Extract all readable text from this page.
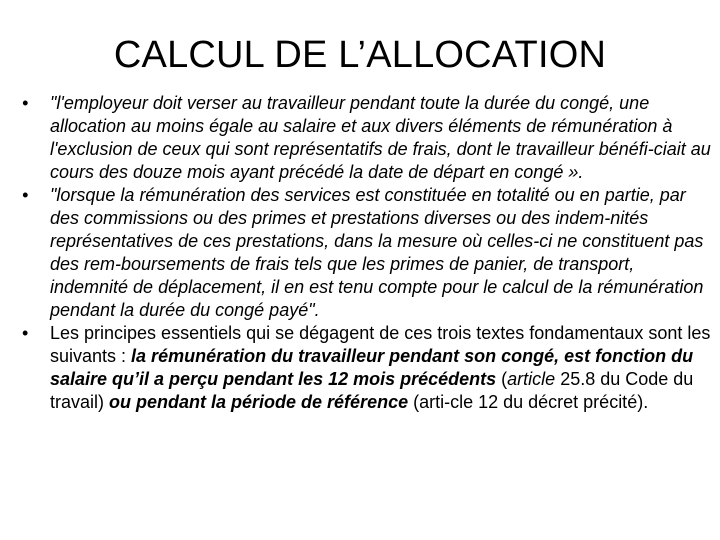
CALCUL DE L’ALLOCATION
• "l'employeur doit verser au travailleur pendant toute la durée du congé, une allocation au moins égale au salaire et aux divers éléments de rémunération à l'exclusion de ceux qui sont représentatifs de frais, dont le travailleur bénéfi-ciait au cours des douze mois ayant précédé la date de départ en congé ».
• "lorsque la rémunération des services est constituée en totalité ou en partie, par des commissions ou des primes et prestations diverses ou des indem-nités représentatives de ces prestations, dans la mesure où celles-ci ne constituent pas des rem-boursements de frais tels que les primes de panier, de transport, indemnité de déplacement, il en est tenu compte pour le calcul de la rémunération pendant la durée du congé payé".
• Les principes essentiels qui se dégagent de ces trois textes fondamentaux sont les suivants : la rémunération du travailleur pendant son congé, est fonction du salaire qu’il a perçu pendant les 12 mois précédents (article 25.8 du Code du travail) ou pendant la période de référence (arti-cle 12 du décret précité).
